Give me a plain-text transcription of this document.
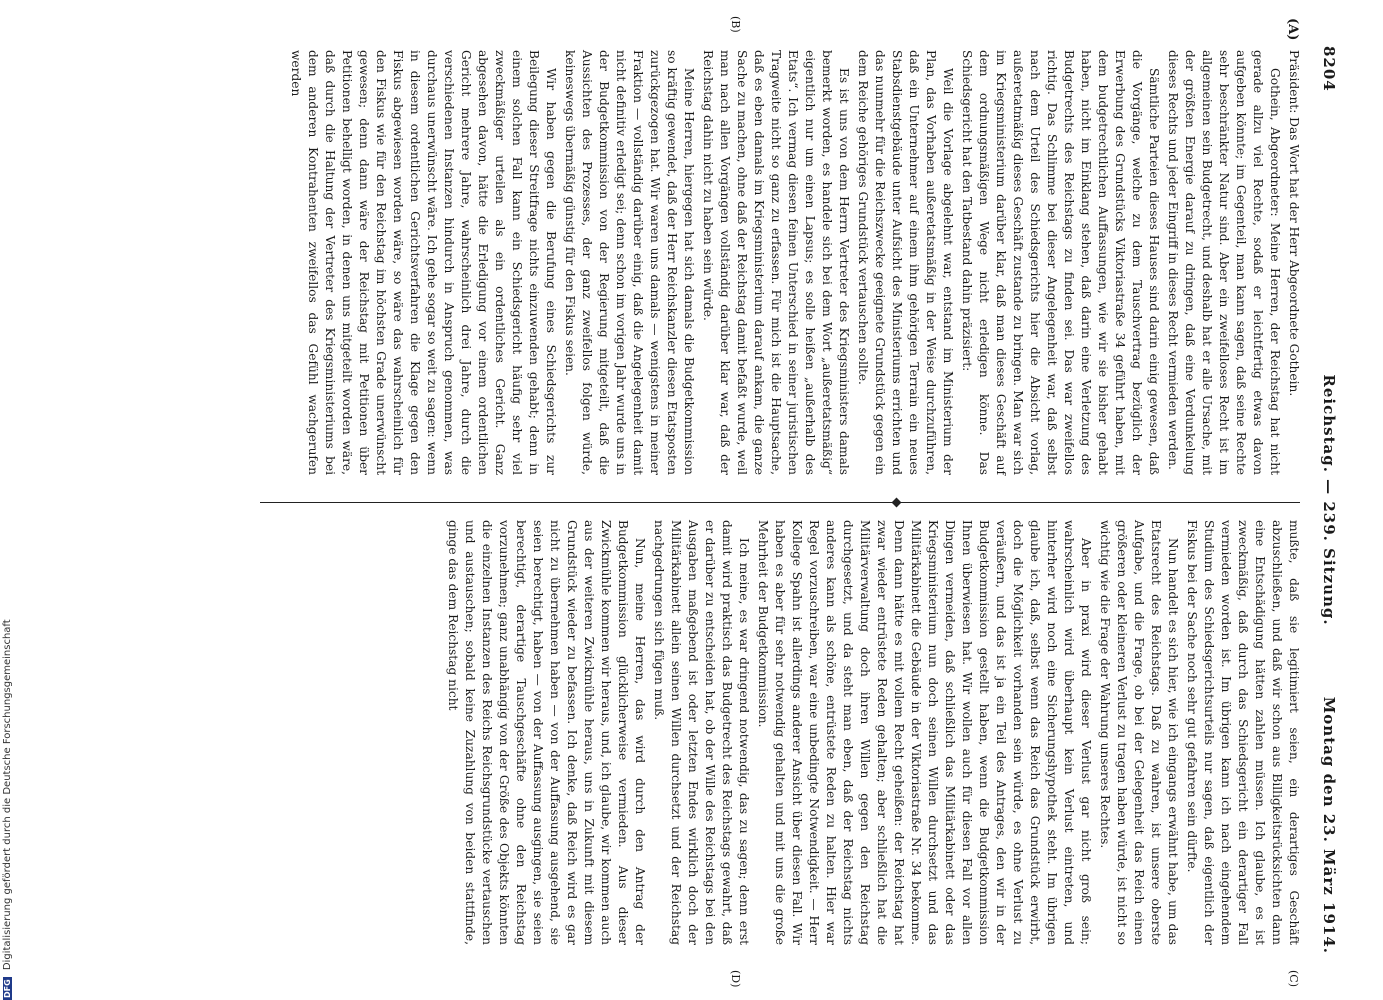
8204
Reichstag. — 239. Sitzung.
Montag den 23. März 1914.
(A)
(B)
(C)
(D)

Präsident: Das Wort hat der Herr Abgeordnete Gothein.

Gothein, Abgeordneter: Meine Herren, der Reichstag hat nicht gerade allzu viel Rechte, sodaß er leichtfertig etwas davon aufgeben könnte; im Gegenteil, man kann sagen, daß seine Rechte sehr beschränkter Natur sind. Aber ein zweifelloses Recht ist im allgemeinen sein Budgetrecht, und deshalb hat er alle Ursache, mit der größten Energie darauf zu dringen, daß eine Verdunkelung dieses Rechts und jeder Eingriff in dieses Recht vermieden werden.

Sämtliche Parteien dieses Hauses sind darin einig gewesen, daß die Vorgänge, welche zu dem Tauschvertrag bezüglich der Erwerbung des Grundstücks Viktoriastraße 34 geführt haben, mit dem budgetrechtlichen Auffassungen, wie wir sie bisher gehabt haben, nicht im Einklang stehen, daß darin eine Verletzung des Budgetrechts des Reichstags zu finden sei. Das war zweifellos richtig. Das Schlimme bei dieser Angelegenheit war, daß selbst nach dem Urteil des Schiedsgerichts hier die Absicht vorlag, außeretatmäßig dieses Geschäft zustande zu bringen. Man war sich im Kriegsministerium darüber klar, daß man dieses Geschäft auf dem ordnungsmäßigen Wege nicht erledigen könne. Das Schiedsgericht hat den Tatbestand dahin präzisiert:

Weil die Vorlage abgelehnt war, entstand im Ministerium der Plan, das Vorhaben außeretatsmäßig in der Weise durchzuführen, daß ein Unternehmer auf einem ihm gehörigen Terrain ein neues Stabsdienstgebäude unter Aufsicht des Ministeriums errichten und das nunmehr für die Reichszwecke geeignete Grundstück gegen ein dem Reiche gehöriges Grundstück vertauschen sollte.

Es ist uns von dem Herrn Vertreter des Kriegsministers damals bemerkt worden, es handele sich bei dem Wort „außeretatsmäßig“ eigentlich nur um einen Lapsus; es solle heißen „außerhalb des Etats“. Ich vermag diesen feinen Unterschied in seiner juristischen Tragweite nicht so ganz zu erfassen. Für mich ist die Hauptsache, daß es eben damals im Kriegsministerium darauf ankam, die ganze Sache zu machen, ohne daß der Reichstag damit befaßt wurde, weil man nach allen Vorgängen vollständig darüber klar war, daß der Reichstag dahin nicht zu haben sein würde.

Meine Herren, hiergegen hat sich damals die Budgetkommission so kräftig gewendet, daß der Herr Reichskanzler diesen Etatsposten zurückgezogen hat. Wir waren uns damals — wenigstens in meiner Fraktion — vollständig darüber einig, daß die Angelegenheit damit nicht definitiv erledigt sei; denn schon im vorigen Jahr wurde uns in der Budgetkommission von der Regierung mitgeteilt, daß die Aussichten des Prozesses, der ganz zweifellos folgen würde, keineswegs übermäßig günstig für den Fiskus seien.

Wir haben gegen die Berufung eines Schiedsgerichts zur Beilegung dieser Streitfrage nichts einzuwenden gehabt; denn in einem solchen Fall kann ein Schiedsgericht häufig sehr viel zweckmäßiger urteilen als ein ordentliches Gericht. Ganz abgesehen davon, hätte die Erledigung vor einem ordentlichen Gericht mehrere Jahre, wahrscheinlich drei Jahre, durch die verschiedenen Instanzen hindurch in Anspruch genommen, was durchaus unerwünscht wäre. Ich gehe sogar so weit zu sagen: wenn in diesem ordentlichen Gerichtsverfahren die Klage gegen den Fiskus abgewiesen worden wäre, so wäre das wahrscheinlich für den Fiskus wie für den Reichstag im höchsten Grade unerwünscht gewesen; denn dann wäre der Reichstag mit Petitionen über Petitionen behelligt worden, in denen uns mitgeteilt worden wäre, daß durch die Haltung der Vertreter des Kriegsministeriums bei dem anderen Kontrahenten zweifellos das Gefühl wachgerufen werden

mußte, daß sie legitimiert seien, ein derartiges Geschäft abzuschließen, und daß wir schon aus Billigkeitsrücksichten dann eine Entschädigung hätten zahlen müssen. Ich glaube, es ist zweckmäßig, daß durch das Schiedsgericht ein derartiger Fall vermieden worden ist. Im übrigen kann ich nach eingehendem Studium des Schiedsgerichtsurteils nur sagen, daß eigentlich der Fiskus bei der Sache noch sehr gut gefahren sein dürfte.

Nun handelt es sich hier, wie ich eingangs erwähnt habe, um das Etatsrecht des Reichstags. Daß zu wahren, ist unsere oberste Aufgabe, und die Frage, ob bei der Gelegenheit das Reich einen größeren oder kleineren Verlust zu tragen haben würde, ist nicht so wichtig wie die Frage der Wahrung unseres Rechtes.

Aber in praxi wird dieser Verlust gar nicht groß sein; wahrscheinlich wird überhaupt kein Verlust eintreten, und hinterher wird noch eine Sicherungshypothek steht. Im übrigen glaube ich, daß, selbst wenn das Reich das Grundstück erwirbt, doch die Möglichkeit vorhanden sein würde, es ohne Verlust zu veräußern, und das ist ja ein Teil des Antrages, den wir in der Budgetkommission gestellt haben, wenn die Budgetkommission Ihnen überwiesen hat. Wir wollen auch für diesen Fall vor allen Dingen vermeiden, daß schließlich das Militärkabinett oder das Kriegsministerium nun doch seinen Willen durchsetzt und das Militärkabinett die Gebäude in der Viktoriastraße Nr. 34 bekomme. Denn dann hätte es mit vollem Recht geheißen: der Reichstag hat zwar wieder entrüstete Reden gehalten; aber schließlich hat die Militärverwaltung doch ihren Willen gegen den Reichstag durchgesetzt, und da steht man eben, daß der Reichstag nichts anderes kann als schöne, entrüstete Reden zu halten. Hier war Regel vorzuschreiben, war eine unbedingte Notwendigkeit. — Herr Kollege Spahn ist allerdings anderer Ansicht über diesen Fall. Wir haben es aber für sehr notwendig gehalten und mit uns die große Mehrheit der Budgetkommission.

Ich meine, es war dringend notwendig, das zu sagen; denn erst damit wird praktisch das Budgetrecht des Reichstags gewahrt, daß er darüber zu entscheiden hat, ob der Wille des Reichstags bei den Ausgaben maßgebend ist oder letzten Endes wirklich doch der Militärkabinett allein seinen Willen durchsetzt und der Reichstag nachgedrungen sich fügen muß.

Nun, meine Herren, das wird durch den Antrag der Budgetkommission glücklicherweise vermieden. Aus dieser Zwickmühle kommen wir heraus, und, ich glaube, wir kommen auch aus der weiteren Zwickmühle heraus, uns in Zukunft mit diesem Grundstück wieder zu befassen. Ich denke, daß Reich wird es gar nicht zu übernehmen haben — von der Auffassung ausgehend, sie seien berechtigt, haben — von der Auffassung ausgingen, sie seien berechtigt, derartige Tauschgeschäfte ohne den Reichstag vorzunehmen; ganz unabhängig von der Größe des Objekts könnten die einzelnen Instanzen des Reichs Reichsgrundstücke vertauschen und austauschen; sobald keine Zuzahlung von beiden stattfinde, ginge das dem Reichstag nicht

DFG Digitalisierung gefördert durch die Deutsche Forschungsgemeinschaft
